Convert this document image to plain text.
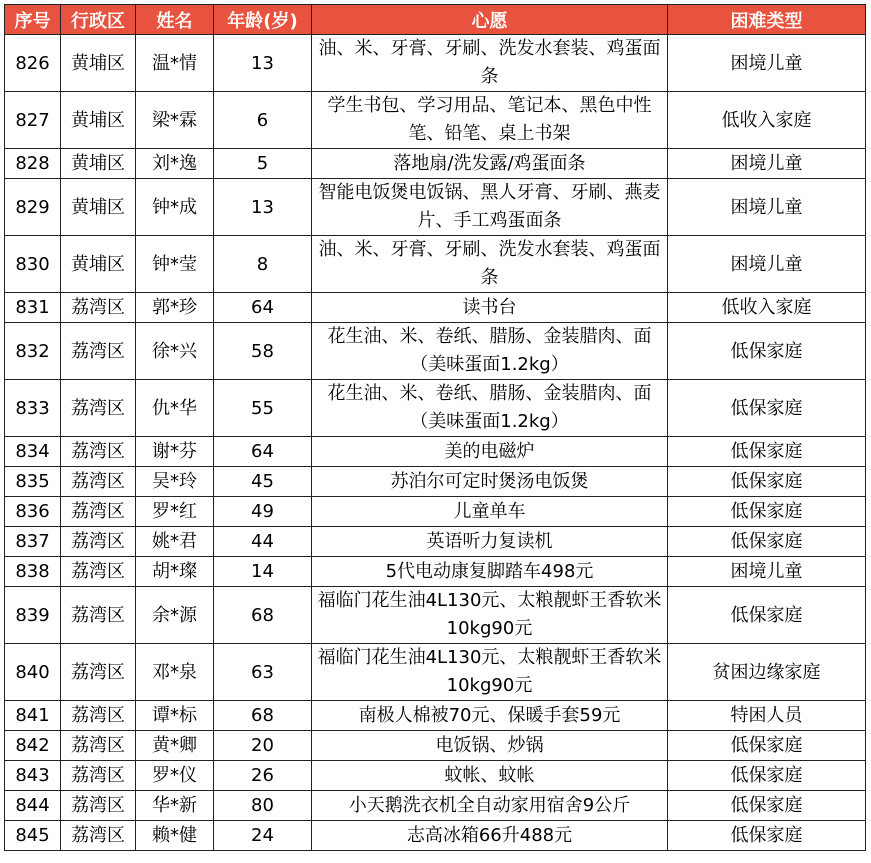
序号	行政区	姓名	年龄(岁)	心愿	困难类型
826	黄埔区	温*情	13	油、米、牙膏、牙刷、洗发水套装、鸡蛋面条	困境儿童
827	黄埔区	梁*霖	6	学生书包、学习用品、笔记本、黑色中性笔、铅笔、桌上书架	低收入家庭
828	黄埔区	刘*逸	5	落地扇/洗发露/鸡蛋面条	困境儿童
829	黄埔区	钟*成	13	智能电饭煲电饭锅、黑人牙膏、牙刷、燕麦片、手工鸡蛋面条	困境儿童
830	黄埔区	钟*莹	8	油、米、牙膏、牙刷、洗发水套装、鸡蛋面条	困境儿童
831	荔湾区	郭*珍	64	读书台	低收入家庭
832	荔湾区	徐*兴	58	花生油、米、卷纸、腊肠、金装腊肉、面（美味蛋面1.2kg）	低保家庭
833	荔湾区	仇*华	55	花生油、米、卷纸、腊肠、金装腊肉、面（美味蛋面1.2kg）	低保家庭
834	荔湾区	谢*芬	64	美的电磁炉	低保家庭
835	荔湾区	吴*玲	45	苏泊尔可定时煲汤电饭煲	低保家庭
836	荔湾区	罗*红	49	儿童单车	低保家庭
837	荔湾区	姚*君	44	英语听力复读机	低保家庭
838	荔湾区	胡*璨	14	5代电动康复脚踏车498元	困境儿童
839	荔湾区	余*源	68	福临门花生油4L130元、太粮靓虾王香软米10kg90元	低保家庭
840	荔湾区	邓*泉	63	福临门花生油4L130元、太粮靓虾王香软米10kg90元	贫困边缘家庭
841	荔湾区	谭*标	68	南极人棉被70元、保暖手套59元	特困人员
842	荔湾区	黄*卿	20	电饭锅、炒锅	低保家庭
843	荔湾区	罗*仪	26	蚊帐、蚊帐	低保家庭
844	荔湾区	华*新	80	小天鹅洗衣机全自动家用宿舍9公斤	低保家庭
845	荔湾区	赖*健	24	志高冰箱66升488元	低保家庭
